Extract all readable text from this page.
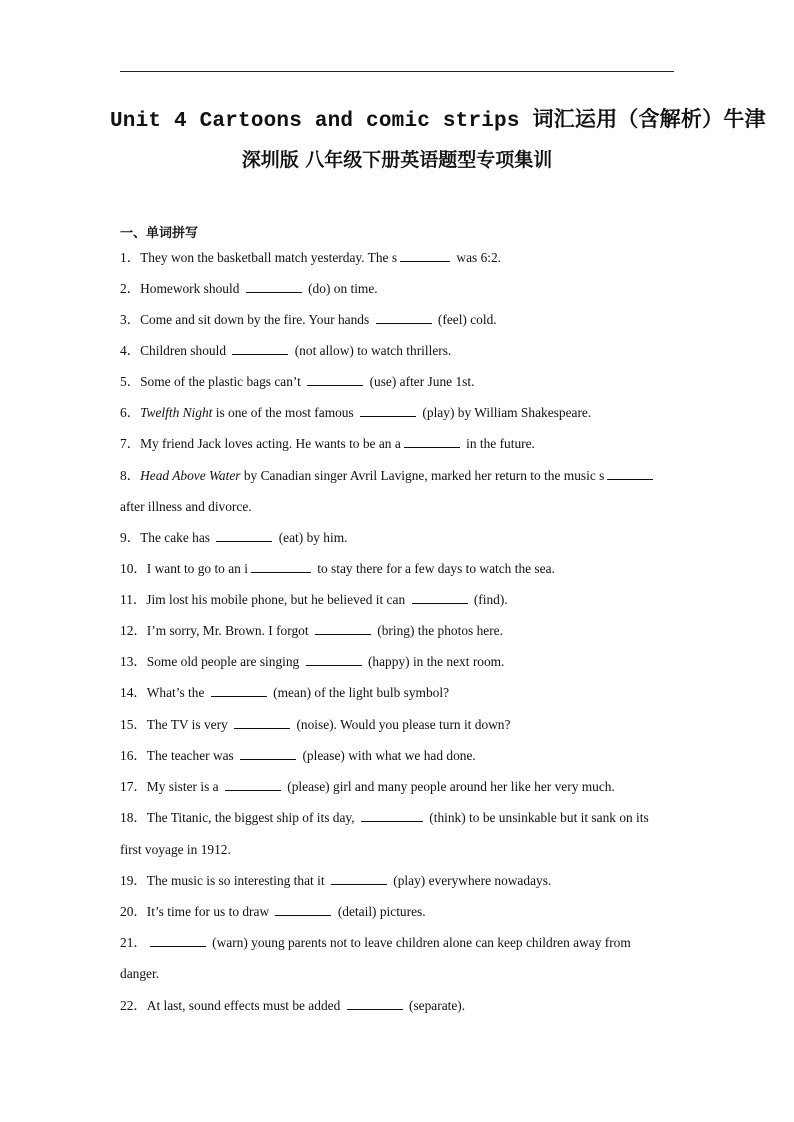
Unit 4 Cartoons and comic strips 词汇运用（含解析）牛津
深圳版 八年级下册英语题型专项集训
一、单词拼写
1．They won the basketball match yesterday. The s	was 6:2.
2．Homework should	(do) on time.
3．Come and sit down by the fire. Your hands	(feel) cold.
4．Children should	(not allow) to watch thrillers.
5．Some of the plastic bags can’t	(use) after June 1st.
6．Twelfth Night is one of the most famous	(play) by William Shakespeare.
7．My friend Jack loves acting. He wants to be an a	in the future.
8．Head Above Water by Canadian singer Avril Lavigne, marked her return to the music s
after illness and divorce.
9．The cake has	(eat) by him.
10．I want to go to an i	to stay there for a few days to watch the sea.
11．Jim lost his mobile phone, but he believed it can	(find).
12．I’m sorry, Mr. Brown. I forgot	(bring) the photos here.
13．Some old people are singing	(happy) in the next room.
14．What’s the	(mean) of the light bulb symbol?
15．The TV is very	(noise). Would you please turn it down?
16．The teacher was	(please) with what we had done.
17．My sister is a	(please) girl and many people around her like her very much.
18．The Titanic, the biggest ship of its day,	(think) to be unsinkable but it sank on its
first voyage in 1912.
19．The music is so interesting that it	(play) everywhere nowadays.
20．It’s time for us to draw	(detail) pictures.
21．	(warn) young parents not to leave children alone can keep children away from
danger.
22．At last, sound effects must be added	(separate).
